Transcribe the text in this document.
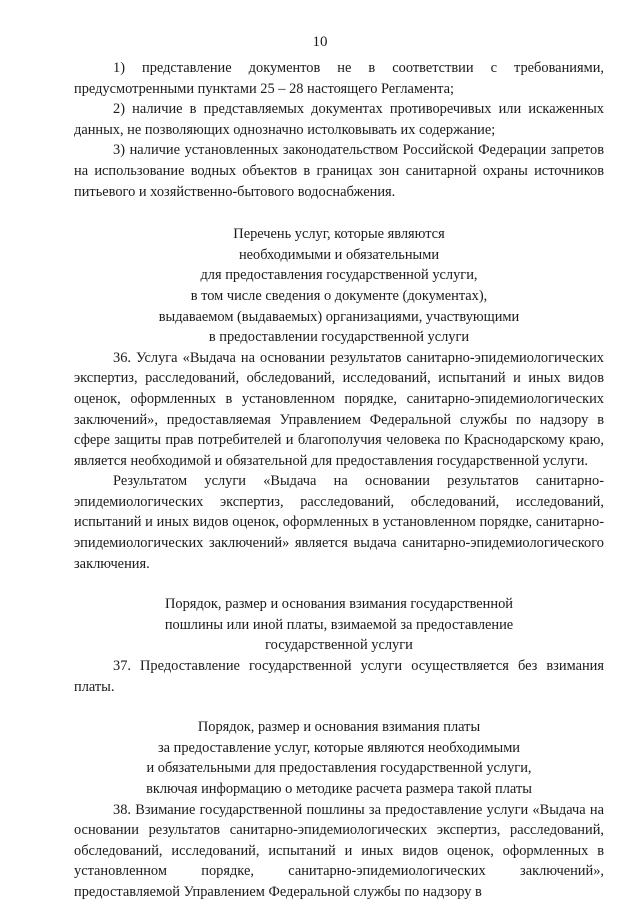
10

1) представление документов не в соответствии с требованиями, предусмотренными пунктами 25 – 28 настоящего Регламента;

2) наличие в представляемых документах противоречивых или искаженных данных, не позволяющих однозначно истолковывать их содержание;

3) наличие установленных законодательством Российской Федерации запретов на использование водных объектов в границах зон санитарной охраны источников питьевого и хозяйственно-бытового водоснабжения.

Перечень услуг, которые являются
необходимыми и обязательными
для предоставления государственной услуги,
в том числе сведения о документе (документах),
выдаваемом (выдаваемых) организациями, участвующими
в предоставлении государственной услуги

36. Услуга «Выдача на основании результатов санитарно-эпидемиологических экспертиз, расследований, обследований, исследований, испытаний и иных видов оценок, оформленных в установленном порядке, санитарно-эпидемиологических заключений», предоставляемая Управлением Федеральной службы по надзору в сфере защиты прав потребителей и благополучия человека по Краснодарскому краю, является необходимой и обязательной для предоставления государственной услуги.

Результатом услуги «Выдача на основании результатов санитарно-эпидемиологических экспертиз, расследований, обследований, исследований, испытаний и иных видов оценок, оформленных в установленном порядке, санитарно-эпидемиологических заключений» является выдача санитарно-эпидемиологического заключения.

Порядок, размер и основания взимания государственной
пошлины или иной платы, взимаемой за предоставление
государственной услуги

37. Предоставление государственной услуги осуществляется без взимания платы.

Порядок, размер и основания взимания платы
за предоставление услуг, которые являются необходимыми
и обязательными для предоставления государственной услуги,
включая информацию о методике расчета размера такой платы

38. Взимание государственной пошлины за предоставление услуги «Выдача на основании результатов санитарно-эпидемиологических экспертиз, расследований, обследований, исследований, испытаний и иных видов оценок, оформленных в установленном порядке, санитарно-эпидемиологических заключений», предоставляемой Управлением Федеральной службы по надзору в
